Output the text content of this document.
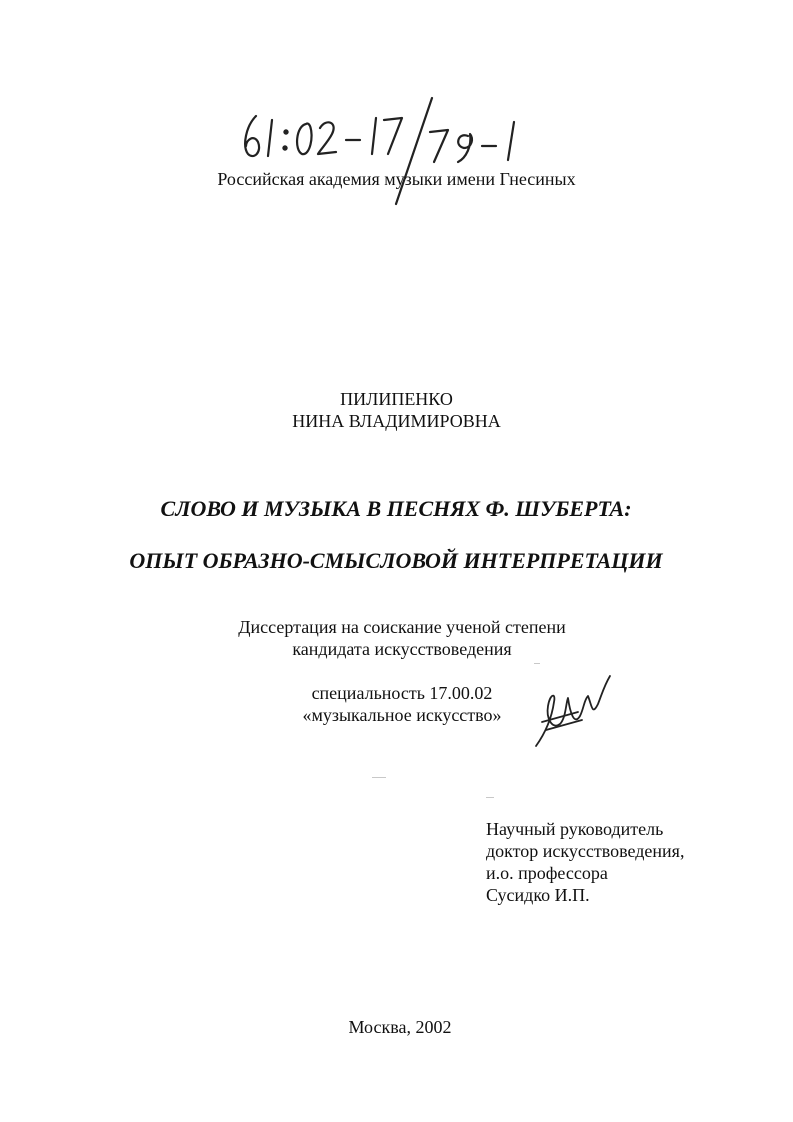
Российская академия музыки имени Гнесиных
ПИЛИПЕНКО
НИНА ВЛАДИМИРОВНА
СЛОВО И МУЗЫКА В ПЕСНЯХ Ф. ШУБЕРТА:
ОПЫТ ОБРАЗНО-СМЫСЛОВОЙ ИНТЕРПРЕТАЦИИ
Диссертация на соискание ученой степени
кандидата искусствоведения
специальность 17.00.02
«музыкальное искусство»
Научный руководитель
доктор искусствоведения,
и.о. профессора
Сусидко И.П.
Москва, 2002
